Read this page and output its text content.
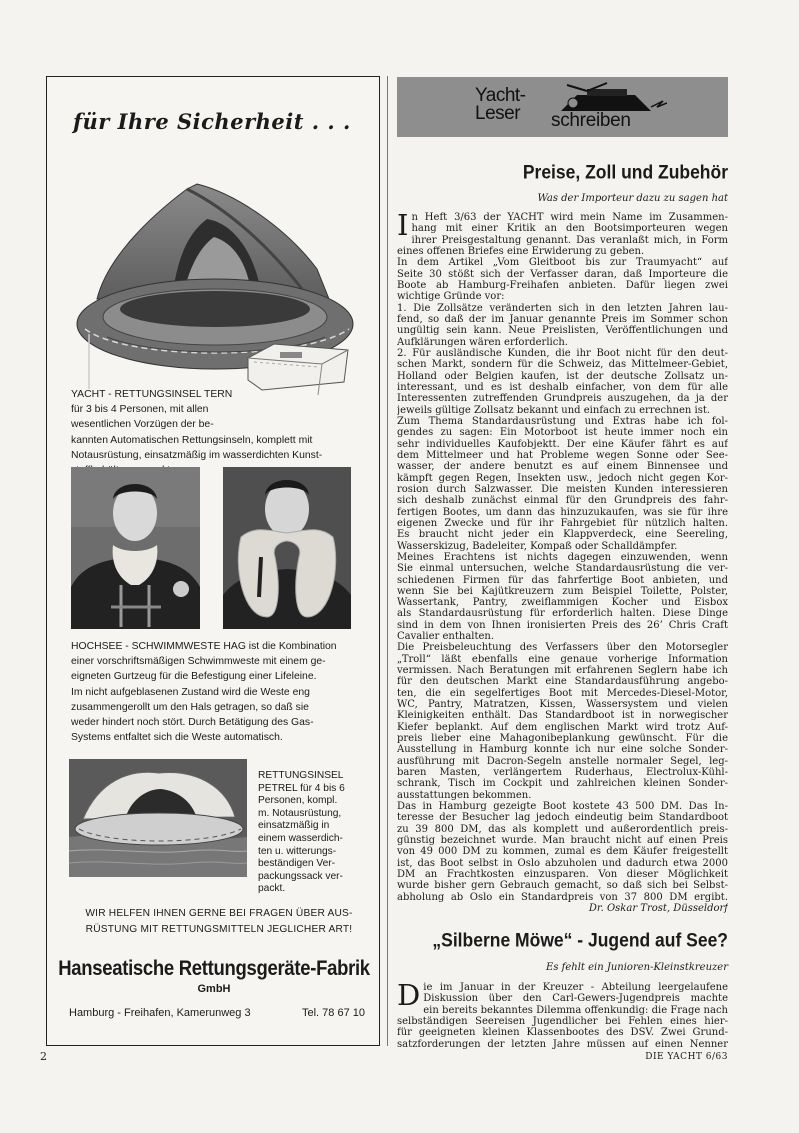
für Ihre Sicherheit . . .
YACHT - RETTUNGSINSEL TERN
für 3 bis 4 Personen, mit allen
wesentlichen Vorzügen der be-
kannten Automatischen Rettungsinseln, komplett mit
Notausrüstung, einsatzmäßig im wasserdichten Kunst-
HOCHSEE - SCHWIMMWESTE HAG ist die Kombination
einer vorschriftsmäßigen Schwimmweste mit einem ge-
eigneten Gurtzeug für die Befestigung einer Lifeleine.
Im nicht aufgeblasenen Zustand wird die Weste eng
zusammengerollt um den Hals getragen, so daß sie
weder hindert noch stört. Durch Betätigung des Gas-
Systems entfaltet sich die Weste automatisch.
RETTUNGSINSEL
PETREL für 4 bis 6
Personen, kompl.
m. Notausrüstung,
einsatzmäßig in
einem wasserdich-
ten u. witterungs-
beständigen Ver-
packungssack ver-
packt.
WIR HELFEN IHNEN GERNE BEI FRAGEN ÜBER AUS-
RÜSTUNG MIT RETTUNGSMITTELN JEGLICHER ART!
Hanseatische Rettungsgeräte-Fabrik
GmbH
Hamburg - Freihafen, Kamerunweg 3	Tel. 78 67 10
Yacht-
Leser schreiben
Preise, Zoll und Zubehör
Was der Importeur dazu zu sagen hat
I n Heft 3/63 der YACHT wird mein Name im Zusammen-
hang mit einer Kritik an den Bootsimporteuren wegen
ihrer Preisgestaltung genannt. Das veranlaßt mich, in Form
eines offenen Briefes eine Erwiderung zu geben.
In dem Artikel „Vom Gleitboot bis zur Traumyacht“ auf
Seite 30 stößt sich der Verfasser daran, daß Importeure die
Boote ab Hamburg-Freihafen anbieten. Dafür liegen zwei
wichtige Gründe vor:
1. Die Zollsätze veränderten sich in den letzten Jahren lau-
fend, so daß der im Januar genannte Preis im Sommer schon
ungültig sein kann. Neue Preislisten, Veröffentlichungen und
Aufklärungen wären erforderlich.
2. Für ausländische Kunden, die ihr Boot nicht für den deut-
schen Markt, sondern für die Schweiz, das Mittelmeer-Gebiet,
Holland oder Belgien kaufen, ist der deutsche Zollsatz un-
interessant, und es ist deshalb einfacher, von dem für alle
Interessenten zutreffenden Grundpreis auszugehen, da ja der
jeweils gültige Zollsatz bekannt und einfach zu errechnen ist.
Zum Thema Standardausrüstung und Extras habe ich fol-
gendes zu sagen: Ein Motorboot ist heute immer noch ein
sehr individuelles Kaufobjektt. Der eine Käufer fährt es auf
dem Mittelmeer und hat Probleme wegen Sonne oder See-
wasser, der andere benutzt es auf einem Binnensee und
kämpft gegen Regen, Insekten usw., jedoch nicht gegen Kor-
rosion durch Salzwasser. Die meisten Kunden interessieren
sich deshalb zunächst einmal für den Grundpreis des fahr-
fertigen Bootes, um dann das hinzuzukaufen, was sie für ihre
eigenen Zwecke und für ihr Fahrgebiet für nützlich halten.
Es braucht nicht jeder ein Klappverdeck, eine Seereling,
Wasserskizug, Badeleiter, Kompaß oder Schalldämpfer.
Meines Erachtens ist nichts dagegen einzuwenden, wenn
Sie einmal untersuchen, welche Standardausrüstung die ver-
schiedenen Firmen für das fahrfertige Boot anbieten, und
wenn Sie bei Kajütkreuzern zum Beispiel Toilette, Polster,
Wassertank, Pantry, zweiflammigen Kocher und Eisbox
als Standardausrüstung für erforderlich halten. Diese Dinge
sind in dem von Ihnen ironisierten Preis des 26’ Chris Craft
Cavalier enthalten.
Die Preisbeleuchtung des Verfassers über den Motorsegler
„Troll“ läßt ebenfalls eine genaue vorherige Information
vermissen. Nach Beratungen mit erfahrenen Seglern habe ich
für den deutschen Markt eine Standardausführung angebo-
ten, die ein segelfertiges Boot mit Mercedes-Diesel-Motor,
WC, Pantry, Matratzen, Kissen, Wassersystem und vielen
Kleinigkeiten enthält. Das Standardboot ist in norwegischer
Kiefer beplankt. Auf dem englischen Markt wird trotz Auf-
preis lieber eine Mahagonibeplankung gewünscht. Für die
Ausstellung in Hamburg konnte ich nur eine solche Sonder-
ausführung mit Dacron-Segeln anstelle normaler Segel, leg-
baren Masten, verlängertem Ruderhaus, Electrolux-Kühl-
schrank, Tisch im Cockpit und zahlreichen kleinen Sonder-
ausstattungen bekommen.
Das in Hamburg gezeigte Boot kostete 43 500 DM. Das In-
teresse der Besucher lag jedoch eindeutig beim Standardboot
zu 39 800 DM, das als komplett und außerordentlich preis-
günstig bezeichnet wurde. Man braucht nicht auf einen Preis
von 49 000 DM zu kommen, zumal es dem Käufer freigestellt
ist, das Boot selbst in Oslo abzuholen und dadurch etwa 2000
DM an Frachtkosten einzusparen. Von dieser Möglichkeit
wurde bisher gern Gebrauch gemacht, so daß sich bei Selbst-
abholung ab Oslo ein Standardpreis von 37 800 DM ergibt.
Dr. Oskar Trost, Düsseldorf
„Silberne Möwe“ - Jugend auf See?
Es fehlt ein Junioren-Kleinstkreuzer
D ie im Januar in der Kreuzer - Abteilung leergelaufene
Diskussion über den Carl-Gewers-Jugendpreis machte
ein bereits bekanntes Dilemma offenkundig: die Frage nach
selbständigen Seereisen Jugendlicher bei Fehlen eines hier-
für geeigneten kleinen Klassenbootes des DSV. Zwei Grund-
satzforderungen der letzten Jahre müssen auf einen Nenner
2	DIE YACHT 6/63
